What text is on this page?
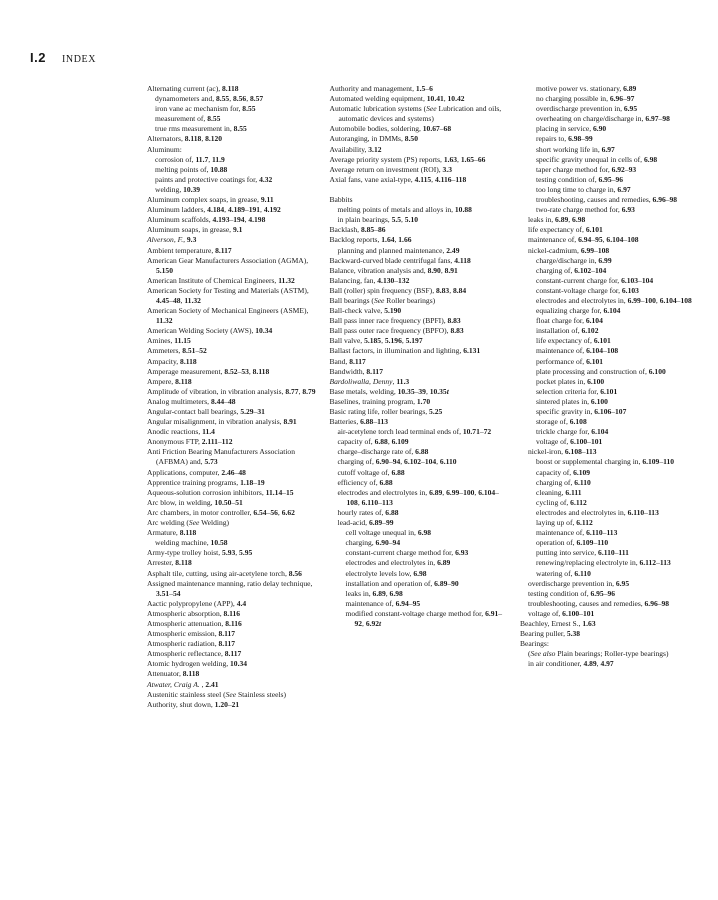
I.2 INDEX
Alternating current (ac), 8.118
dynamometers and, 8.55, 8.56, 8.57
iron vane ac mechanism for, 8.55
measurement of, 8.55
true rms measurement in, 8.55
Alternators, 8.118, 8.120
Aluminum:
corrosion of, 11.7, 11.9
melting points of, 10.88
paints and protective coatings for, 4.32
welding, 10.39
Aluminum complex soaps, in grease, 9.11
Aluminum ladders, 4.184, 4.189–191, 4.192
Aluminum scaffolds, 4.193–194, 4.198
Aluminum soaps, in grease, 9.1
Alverson, F., 9.3
Ambient temperature, 8.117
American Gear Manufacturers Association (AGMA), 5.150
American Institute of Chemical Engineers, 11.32
American Society for Testing and Materials (ASTM), 4.45–48, 11.32
American Society of Mechanical Engineers (ASME), 11.32
American Welding Society (AWS), 10.34
Amines, 11.15
Ammeters, 8.51–52
Ampacity, 8.118
Amperage measurement, 8.52–53, 8.118
Ampere, 8.118
Amplitude of vibration, in vibration analysis, 8.77, 8.79
Analog multimeters, 8.44–48
Angular-contact ball bearings, 5.29–31
Angular misalignment, in vibration analysis, 8.91
Anodic reactions, 11.4
Anonymous FTP, 2.111–112
Anti Friction Bearing Manufacturers Association (AFBMA) and, 5.73
Applications, computer, 2.46–48
Apprentice training programs, 1.18–19
Aqueous-solution corrosion inhibitors, 11.14–15
Arc blow, in welding, 10.50–51
Arc chambers, in motor controller, 6.54–56, 6.62
Arc welding (See Welding)
Armature, 8.118
welding machine, 10.58
Army-type trolley hoist, 5.93, 5.95
Arrester, 8.118
Asphalt tile, cutting, using air-acetylene torch, 8.56
Assigned maintenance manning, ratio delay technique, 3.51–54
Aactic polypropylene (APP), 4.4
Atmospheric absorption, 8.116
Atmospheric attenuation, 8.116
Atmospheric emission, 8.117
Atmospheric radiation, 8.117
Atmospheric reflectance, 8.117
Atomic hydrogen welding, 10.34
Attenuator, 8.118
Atwater, Craig A. , 2.41
Austenitic stainless steel (See Stainless steels)
Authority, shut down, 1.20–21
Authority and management, 1.5–6
Automated welding equipment, 10.41, 10.42
Automatic lubrication systems (See Lubrication and oils, automatic devices and systems)
Automobile bodies, soldering, 10.67–68
Autoranging, in DMMs, 8.50
Availability, 3.12
Average priority system (PS) reports, 1.63, 1.65–66
Average return on investment (ROI), 3.3
Axial fans, vane axial-type, 4.115, 4.116–118
Babbits
melting points of metals and alloys in, 10.88
in plain bearings, 5.5, 5.10
Backlash, 8.85–86
Backlog reports, 1.64, 1.66
planning and planned maintenance, 2.49
Backward-curved blade centrifugal fans, 4.118
Balance, vibration analysis and, 8.90, 8.91
Balancing, fan, 4.130–132
Ball (roller) spin frequency (BSF), 8.83, 8.84
Ball bearings (See Roller bearings)
Ball-check valve, 5.190
Ball pass inner race frequency (BPFI), 8.83
Ball pass outer race frequency (BPFO), 8.83
Ball valve, 5.185, 5.196, 5.197
Ballast factors, in illumination and lighting, 6.131
Band, 8.117
Bandwidth, 8.117
Bardoliwalla, Denny, 11.3
Base metals, welding, 10.35–39, 10.35t
Baselines, training program, 1.70
Basic rating life, roller bearings, 5.25
Batteries, 6.88–113
air-acetylene torch lead terminal ends of, 10.71–72
capacity of, 6.88, 6.109
charge–discharge rate of, 6.88
charging of, 6.90–94, 6.102–104, 6.110
cutoff voltage of, 6.88
efficiency of, 6.88
electrodes and electrolytes in, 6.89, 6.99–100, 6.104–108, 6.110–113
hourly rates of, 6.88
lead-acid, 6.89–99
cell voltage unequal in, 6.98
charging, 6.90–94
constant-current charge method for, 6.93
electrodes and electrolytes in, 6.89
electrolyte levels low, 6.98
installation and operation of, 6.89–90
leaks in, 6.89, 6.98
maintenance of, 6.94–95
modified constant-voltage charge method for, 6.91–92, 6.92t
motive power vs. stationary, 6.89
no charging possible in, 6.96–97
overdischarge prevention in, 6.95
overheating on charge/discharge in, 6.97–98
placing in service, 6.90
repairs to, 6.98–99
short working life in, 6.97
specific gravity unequal in cells of, 6.98
taper charge method for, 6.92–93
testing condition of, 6.95–96
too long time to charge in, 6.97
troubleshooting, causes and remedies, 6.96–98
two-rate charge method for, 6.93
leaks in, 6.89, 6.98
life expectancy of, 6.101
maintenance of, 6.94–95, 6.104–108
nickel-cadmium, 6.99–108
charge/discharge in, 6.99
charging of, 6.102–104
constant-current charge for, 6.103–104
constant-voltage charge for, 6.103
electrodes and electrolytes in, 6.99–100, 6.104–108
equalizing charge for, 6.104
float charge for, 6.104
installation of, 6.102
life expectancy of, 6.101
maintenance of, 6.104–108
performance of, 6.101
plate processing and construction of, 6.100
pocket plates in, 6.100
selection criteria for, 6.101
sintered plates in, 6.100
specific gravity in, 6.106–107
storage of, 6.108
trickle charge for, 6.104
voltage of, 6.100–101
nickel-iron, 6.108–113
boost or supplemental charging in, 6.109–110
capacity of, 6.109
charging of, 6.110
cleaning, 6.111
cycling of, 6.112
electrodes and electrolytes in, 6.110–113
laying up of, 6.112
maintenance of, 6.110–113
operation of, 6.109–110
putting into service, 6.110–111
renewing/replacing electrolyte in, 6.112–113
watering of, 6.110
overdischarge prevention in, 6.95
testing condition of, 6.95–96
troubleshooting, causes and remedies, 6.96–98
voltage of, 6.100–101
Beachley, Ernest S., 1.63
Bearing puller, 5.38
Bearings:
(See also Plain bearings; Roller-type bearings)
in air conditioner, 4.89, 4.97
